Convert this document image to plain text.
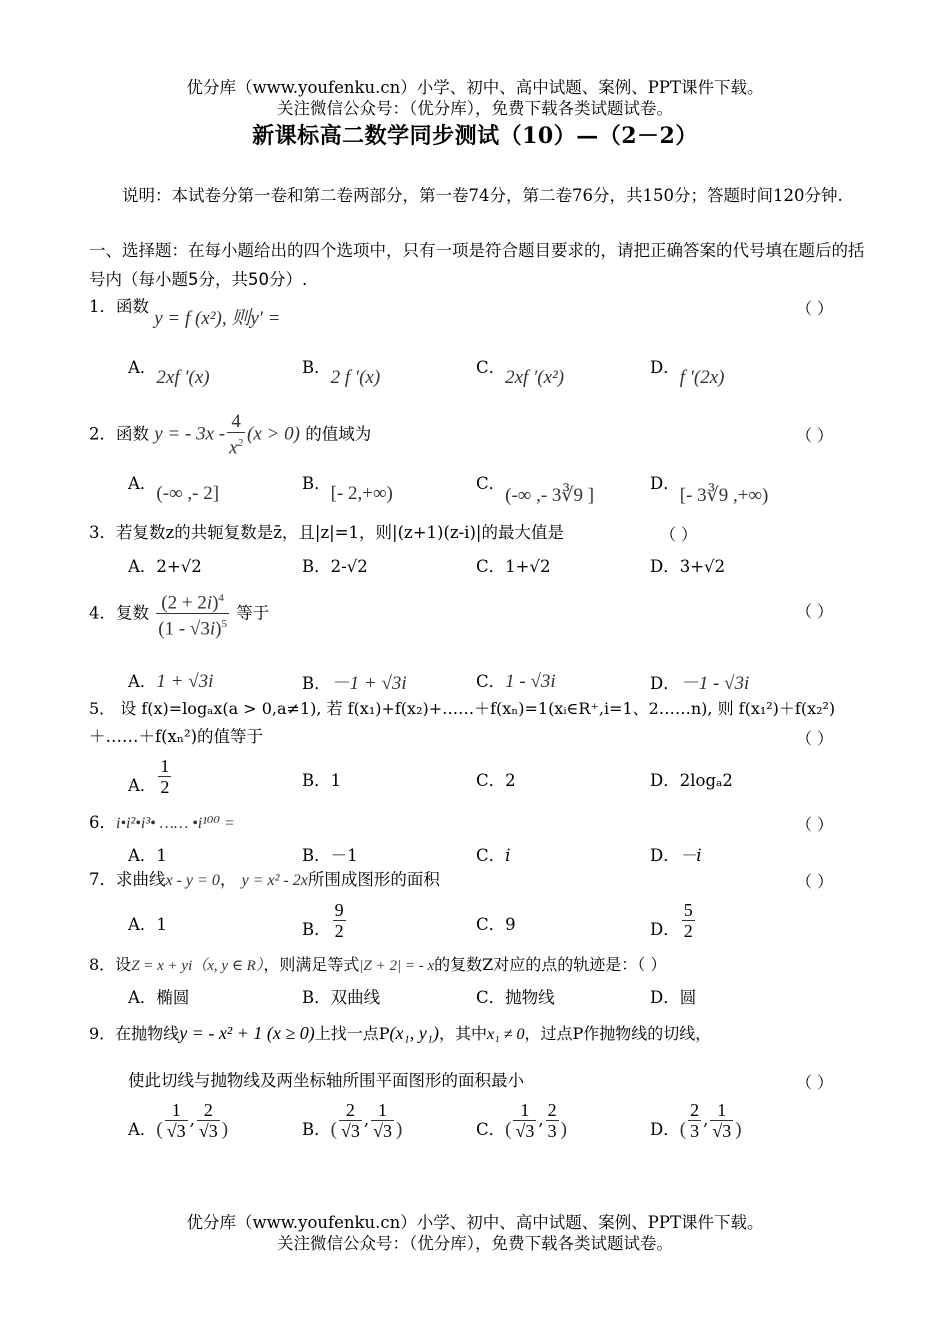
优分库（www.youfenku.cn）小学、初中、高中试题、案例、PPT课件下载。
关注微信公众号：（优分库），免费下载各类试题试卷。
新课标高二数学同步测试（10）—（2－2）
说明：本试卷分第一卷和第二卷两部分，第一卷74分，第二卷76分，共150分；答题时间120分钟.
一、选择题：在每小题给出的四个选项中，只有一项是符合题目要求的，请把正确答案的代号填在题后的括号内（每小题5分，共50分）.
1．函数 y = f (x²), 则y′ =	（ ）
A．2xf ′(x)	B．2 f ′(x)	C．2xf ′(x²)	D．f ′(2x)
2．函数 y = - $3x - \frac{4}{x^2} (x > 0)$ 的值域为	（ ）
A．(-∞ ,- 2]	B．[- 2,+∞)	C．(-∞ ,- 3∛9 ]
D．[- 3∛9 ,+∞)
3．若复数z的共轭复数是z̄，且|z|=1，则|(z+1)(z-i)|的最大值是	（ ）
A．2+√2	B．2-√2	C．1+√2	D．3+√2
4．复数 $\frac{(2 + 2i)^4}{(1 - √3i)^5}$ 等于	（ ）
A．1 + √3i	B．－1 + √3i	C．1 - √3i	D．－1 - √3i
5． 设 f(x)=logₐx(a > 0,a≠1), 若 f(x₁)+f(x₂)+……＋f(xₙ)=1(xᵢ∈R⁺,i=1、2……n), 则 f(x₁²)＋f(x₂²)
＋……＋f(xₙ²)的值等于	（ ）
A． $\frac{1}{2}$	B．1	C．2	D．2logₐ2
6．i•i²•i³• …… •i¹⁰⁰ =	（ ）
A．1	B．－1	C．i	D．－i
7．求曲线x - y = 0， y = x² - 2x所围成图形的面积	（ ）
A．1	B． $\frac{9}{2}$	C．9	D． $\frac{5}{2}$
8．设Z = x + yi（x, y ∈ R），则满足等式|Z + 2| = - x的复数Z对应的点的轨迹是：（ ）
A．椭圆	B．双曲线	C．抛物线	D．圆
9．在抛物线y = - x² + 1 (x ≥ 0)上找一点P(x₁, y₁)，其中x₁ ≠ 0，过点P作抛物线的切线，
使此切线与抛物线及两坐标轴所围平面图形的面积最小	（ ）
A．( $\frac{1}{√3}$ , $\frac{2}{√3}$ )	B．( $\frac{2}{√3}$ , $\frac{1}{√3}$ )	C．( $\frac{1}{√3}$ , $\frac{2}{3}$ )	D．( $\frac{2}{3}$ , $\frac{1}{√3}$ )
优分库（www.youfenku.cn）小学、初中、高中试题、案例、PPT课件下载。
关注微信公众号：（优分库），免费下载各类试题试卷。
